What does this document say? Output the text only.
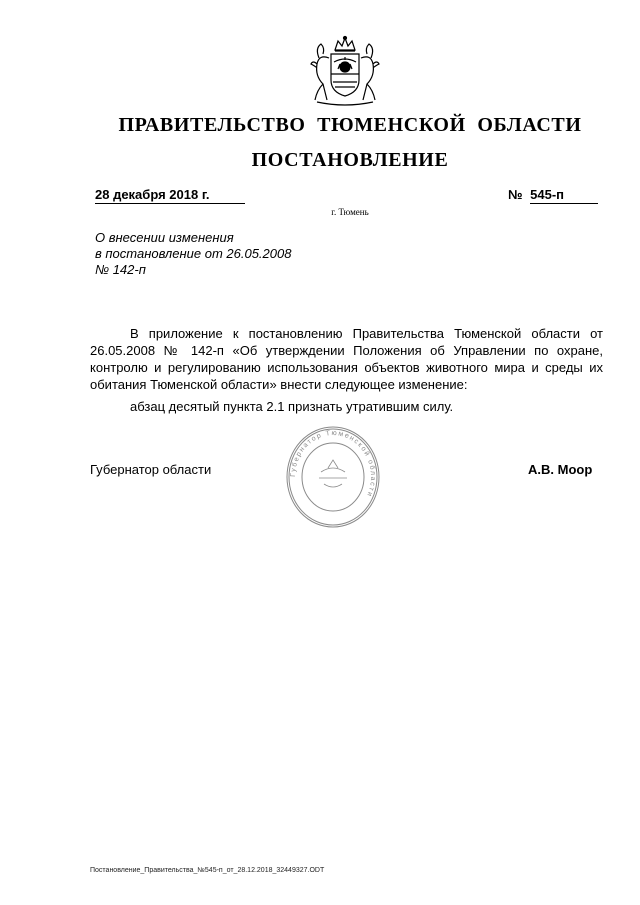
ПРАВИТЕЛЬСТВО ТЮМЕНСКОЙ ОБЛАСТИ
ПОСТАНОВЛЕНИЕ
28 декабря 2018 г.	№ 545-п
г. Тюмень
О внесении изменения
в постановление от 26.05.2008
№ 142-п

В приложение к постановлению Правительства Тюменской области от 26.05.2008 № 142-п «Об утверждении Положения об Управлении по охране, контролю и регулированию использования объектов животного мира и среды их обитания Тюменской области» внести следующее изменение:

абзац десятый пункта 2.1 признать утратившим силу.

Губернатор Тюменской области
Губернатор области	А.В. Моор
Постановление_Правительства_№545-п_от_28.12.2018_32449327.ODT
